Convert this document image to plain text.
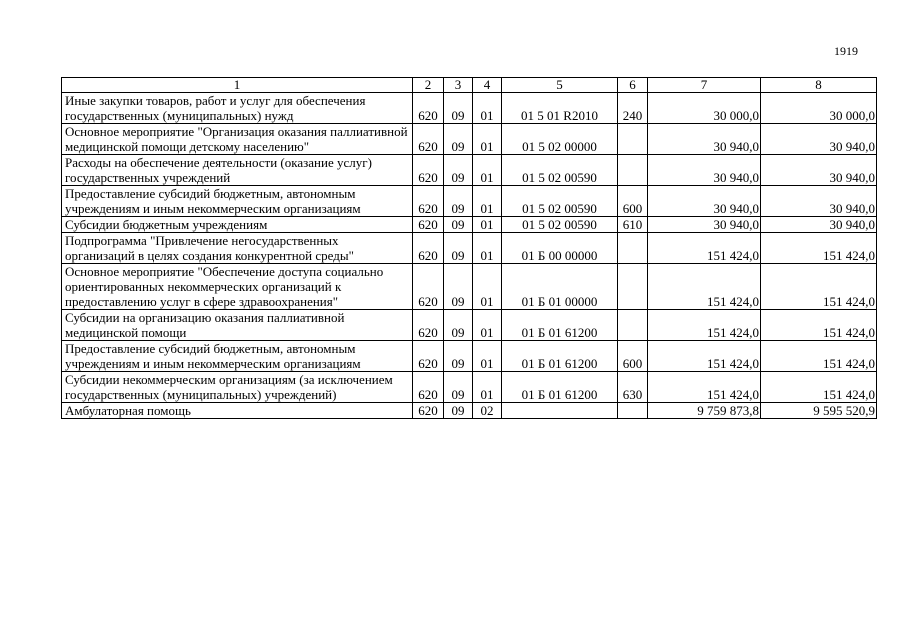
1919
1	2	3	4	5	6	7	8
Иные закупки товаров, работ и услуг для обеспечения государственных (муниципальных) нужд	620	09	01	01 5 01 R2010	240	30 000,0	30 000,0
Основное мероприятие "Организация оказания паллиативной медицинской помощи детскому населению"	620	09	01	01 5 02 00000		30 940,0	30 940,0
Расходы на обеспечение деятельности (оказание услуг) государственных учреждений	620	09	01	01 5 02 00590		30 940,0	30 940,0
Предоставление субсидий бюджетным, автономным учреждениям и иным некоммерческим организациям	620	09	01	01 5 02 00590	600	30 940,0	30 940,0
Субсидии бюджетным учреждениям	620	09	01	01 5 02 00590	610	30 940,0	30 940,0
Подпрограмма "Привлечение негосударственных организаций в целях создания конкурентной среды"	620	09	01	01 Б 00 00000		151 424,0	151 424,0
Основное мероприятие "Обеспечение доступа социально ориентированных некоммерческих организаций к предоставлению услуг в сфере здравоохранения"	620	09	01	01 Б 01 00000		151 424,0	151 424,0
Субсидии на организацию оказания паллиативной медицинской помощи	620	09	01	01 Б 01 61200		151 424,0	151 424,0
Предоставление субсидий бюджетным, автономным учреждениям и иным некоммерческим организациям	620	09	01	01 Б 01 61200	600	151 424,0	151 424,0
Субсидии некоммерческим организациям (за исключением государственных (муниципальных) учреждений)	620	09	01	01 Б 01 61200	630	151 424,0	151 424,0
Амбулаторная помощь	620	09	02			9 759 873,8	9 595 520,9
